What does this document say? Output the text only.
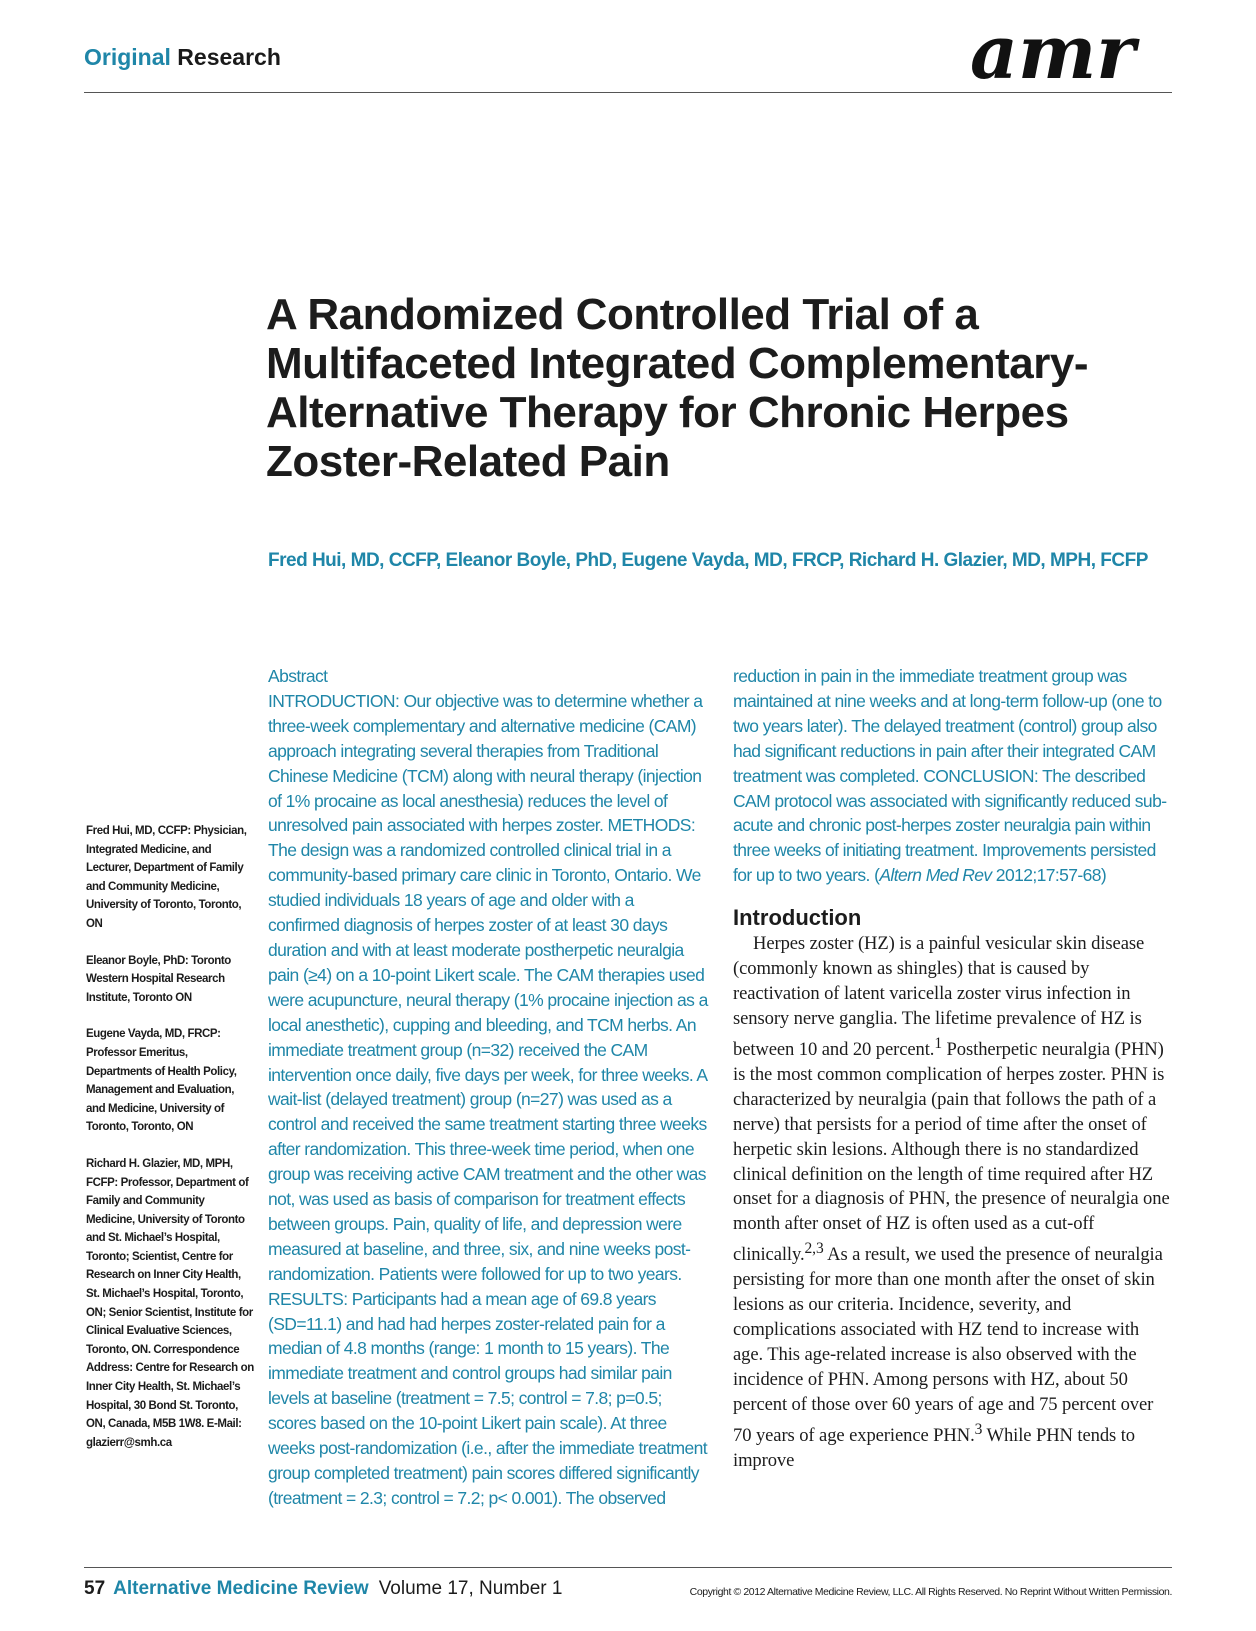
Original Research	amr
A Randomized Controlled Trial of a Multifaceted Integrated Complementary-Alternative Therapy for Chronic Herpes Zoster-Related Pain
Fred Hui, MD, CCFP, Eleanor Boyle, PhD, Eugene Vayda, MD, FRCP, Richard H. Glazier, MD, MPH, FCFP

Fred Hui, MD, CCFP: Physician, Integrated Medicine, and Lecturer, Department of Family and Community Medicine, University of Toronto, Toronto, ON

Eleanor Boyle, PhD: Toronto Western Hospital Research Institute, Toronto ON

Eugene Vayda, MD, FRCP: Professor Emeritus, Departments of Health Policy, Management and Evaluation, and Medicine, University of Toronto, Toronto, ON

Richard H. Glazier, MD, MPH, FCFP: Professor, Department of Family and Community Medicine, University of Toronto and St. Michael’s Hospital, Toronto; Scientist, Centre for Research on Inner City Health, St. Michael’s Hospital, Toronto, ON; Senior Scientist, Institute for Clinical Evaluative Sciences, Toronto, ON. Correspondence Address: Centre for Research on Inner City Health, St. Michael’s Hospital, 30 Bond St. Toronto, ON, Canada, M5B 1W8. E-Mail: glazierr@smh.ca

Abstract
INTRODUCTION: Our objective was to determine whether a three-week complementary and alternative medicine (CAM) approach integrating several therapies from Traditional Chinese Medicine (TCM) along with neural therapy (injection of 1% procaine as local anesthesia) reduces the level of unresolved pain associated with herpes zoster. METHODS: The design was a randomized controlled clinical trial in a community-based primary care clinic in Toronto, Ontario. We studied individuals 18 years of age and older with a confirmed diagnosis of herpes zoster of at least 30 days duration and with at least moderate postherpetic neuralgia pain (≥4) on a 10-point Likert scale. The CAM therapies used were acupuncture, neural therapy (1% procaine injection as a local anesthetic), cupping and bleeding, and TCM herbs. An immediate treatment group (n=32) received the CAM intervention once daily, five days per week, for three weeks. A wait-list (delayed treatment) group (n=27) was used as a control and received the same treatment starting three weeks after randomization. This three-week time period, when one group was receiving active CAM treatment and the other was not, was used as basis of comparison for treatment effects between groups. Pain, quality of life, and depression were measured at baseline, and three, six, and nine weeks post-randomization. Patients were followed for up to two years. RESULTS: Participants had a mean age of 69.8 years (SD=11.1) and had had herpes zoster-related pain for a median of 4.8 months (range: 1 month to 15 years). The immediate treatment and control groups had similar pain levels at baseline (treatment = 7.5; control = 7.8; p=0.5; scores based on the 10-point Likert pain scale). At three weeks post-randomization (i.e., after the immediate treatment group completed treatment) pain scores differed significantly (treatment = 2.3; control = 7.2; p< 0.001). The observed
reduction in pain in the immediate treatment group was maintained at nine weeks and at long-term follow-up (one to two years later). The delayed treatment (control) group also had significant reductions in pain after their integrated CAM treatment was completed. CONCLUSION: The described CAM protocol was associated with significantly reduced sub-acute and chronic post-herpes zoster neuralgia pain within three weeks of initiating treatment. Improvements persisted for up to two years. (Altern Med Rev 2012;17:57-68)
Introduction
Herpes zoster (HZ) is a painful vesicular skin disease (commonly known as shingles) that is caused by reactivation of latent varicella zoster virus infection in sensory nerve ganglia. The lifetime prevalence of HZ is between 10 and 20 percent.$^1$ Postherpetic neuralgia (PHN) is the most common complication of herpes zoster. PHN is characterized by neuralgia (pain that follows the path of a nerve) that persists for a period of time after the onset of herpetic skin lesions. Although there is no standardized clinical definition on the length of time required after HZ onset for a diagnosis of PHN, the presence of neuralgia one month after onset of HZ is often used as a cut-off clinically.$^{2,3}$ As a result, we used the presence of neuralgia persisting for more than one month after the onset of skin lesions as our criteria. Incidence, severity, and complications associated with HZ tend to increase with age. This age-related increase is also observed with the incidence of PHN. Among persons with HZ, about 50 percent of those over 60 years of age and 75 percent over 70 years of age experience PHN.$^3$ While PHN tends to improve
57 Alternative Medicine Review Volume 17, Number 1	Copyright © 2012 Alternative Medicine Review, LLC. All Rights Reserved. No Reprint Without Written Permission.
